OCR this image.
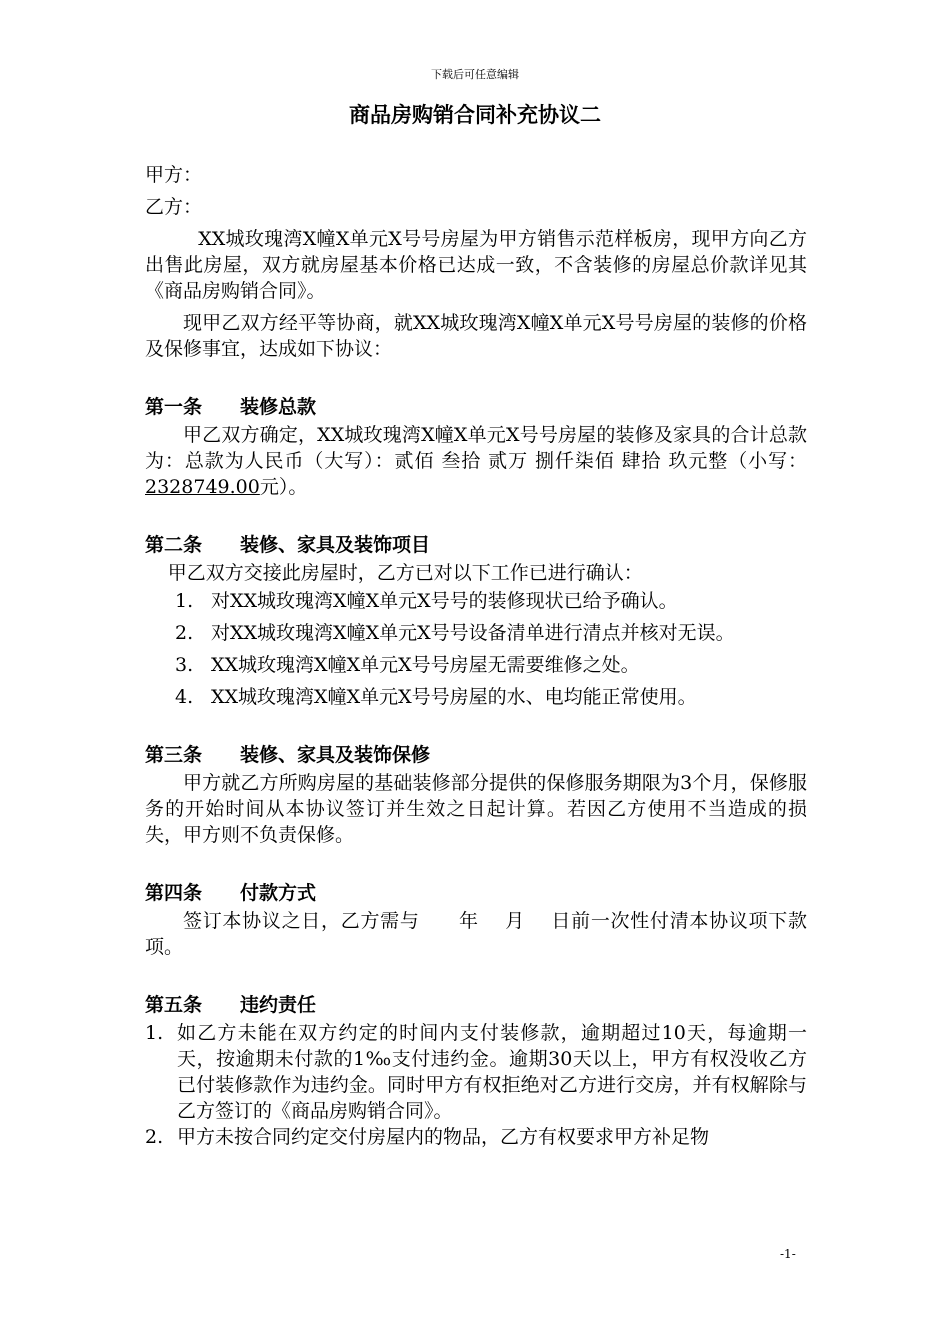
下载后可任意编辑
商品房购销合同补充协议二

甲方：

乙方：

XX城玫瑰湾X幢X单元X号号房屋为甲方销售示范样板房，现甲方向乙方出售此房屋，双方就房屋基本价格已达成一致，不含装修的房屋总价款详见其《商品房购销合同》。

现甲乙双方经平等协商，就XX城玫瑰湾X幢X单元X号号房屋的装修的价格及保修事宜，达成如下协议：

第一条 装修总款

甲乙双方确定，XX城玫瑰湾X幢X单元X号号房屋的装修及家具的合计总款为：总款为人民币（大写）：贰佰 叁拾 贰万 捌仟柒佰 肆拾 玖元整（小写：2328749.00元）。

第二条 装修、家具及装饰项目

甲乙双方交接此房屋时，乙方已对以下工作已进行确认：

1. 对XX城玫瑰湾X幢X单元X号号的装修现状已给予确认。
2. 对XX城玫瑰湾X幢X单元X号号设备清单进行清点并核对无误。
3. XX城玫瑰湾X幢X单元X号号房屋无需要维修之处。
4. XX城玫瑰湾X幢X单元X号号房屋的水、电均能正常使用。
第三条 装修、家具及装饰保修

甲方就乙方所购房屋的基础装修部分提供的保修服务期限为3个月，保修服务的开始时间从本协议签订并生效之日起计算。若因乙方使用不当造成的损失，甲方则不负责保修。

第四条 付款方式

签订本协议之日，乙方需与　　年　 月　 日前一次性付清本协议项下款项。

第五条 违约责任
1. 如乙方未能在双方约定的时间内支付装修款，逾期超过10天，每逾期一天，按逾期未付款的1‰支付违约金。逾期30天以上，甲方有权没收乙方已付装修款作为违约金。同时甲方有权拒绝对乙方进行交房，并有权解除与乙方签订的《商品房购销合同》。
2. 甲方未按合同约定交付房屋内的物品，乙方有权要求甲方补足物
-1-
